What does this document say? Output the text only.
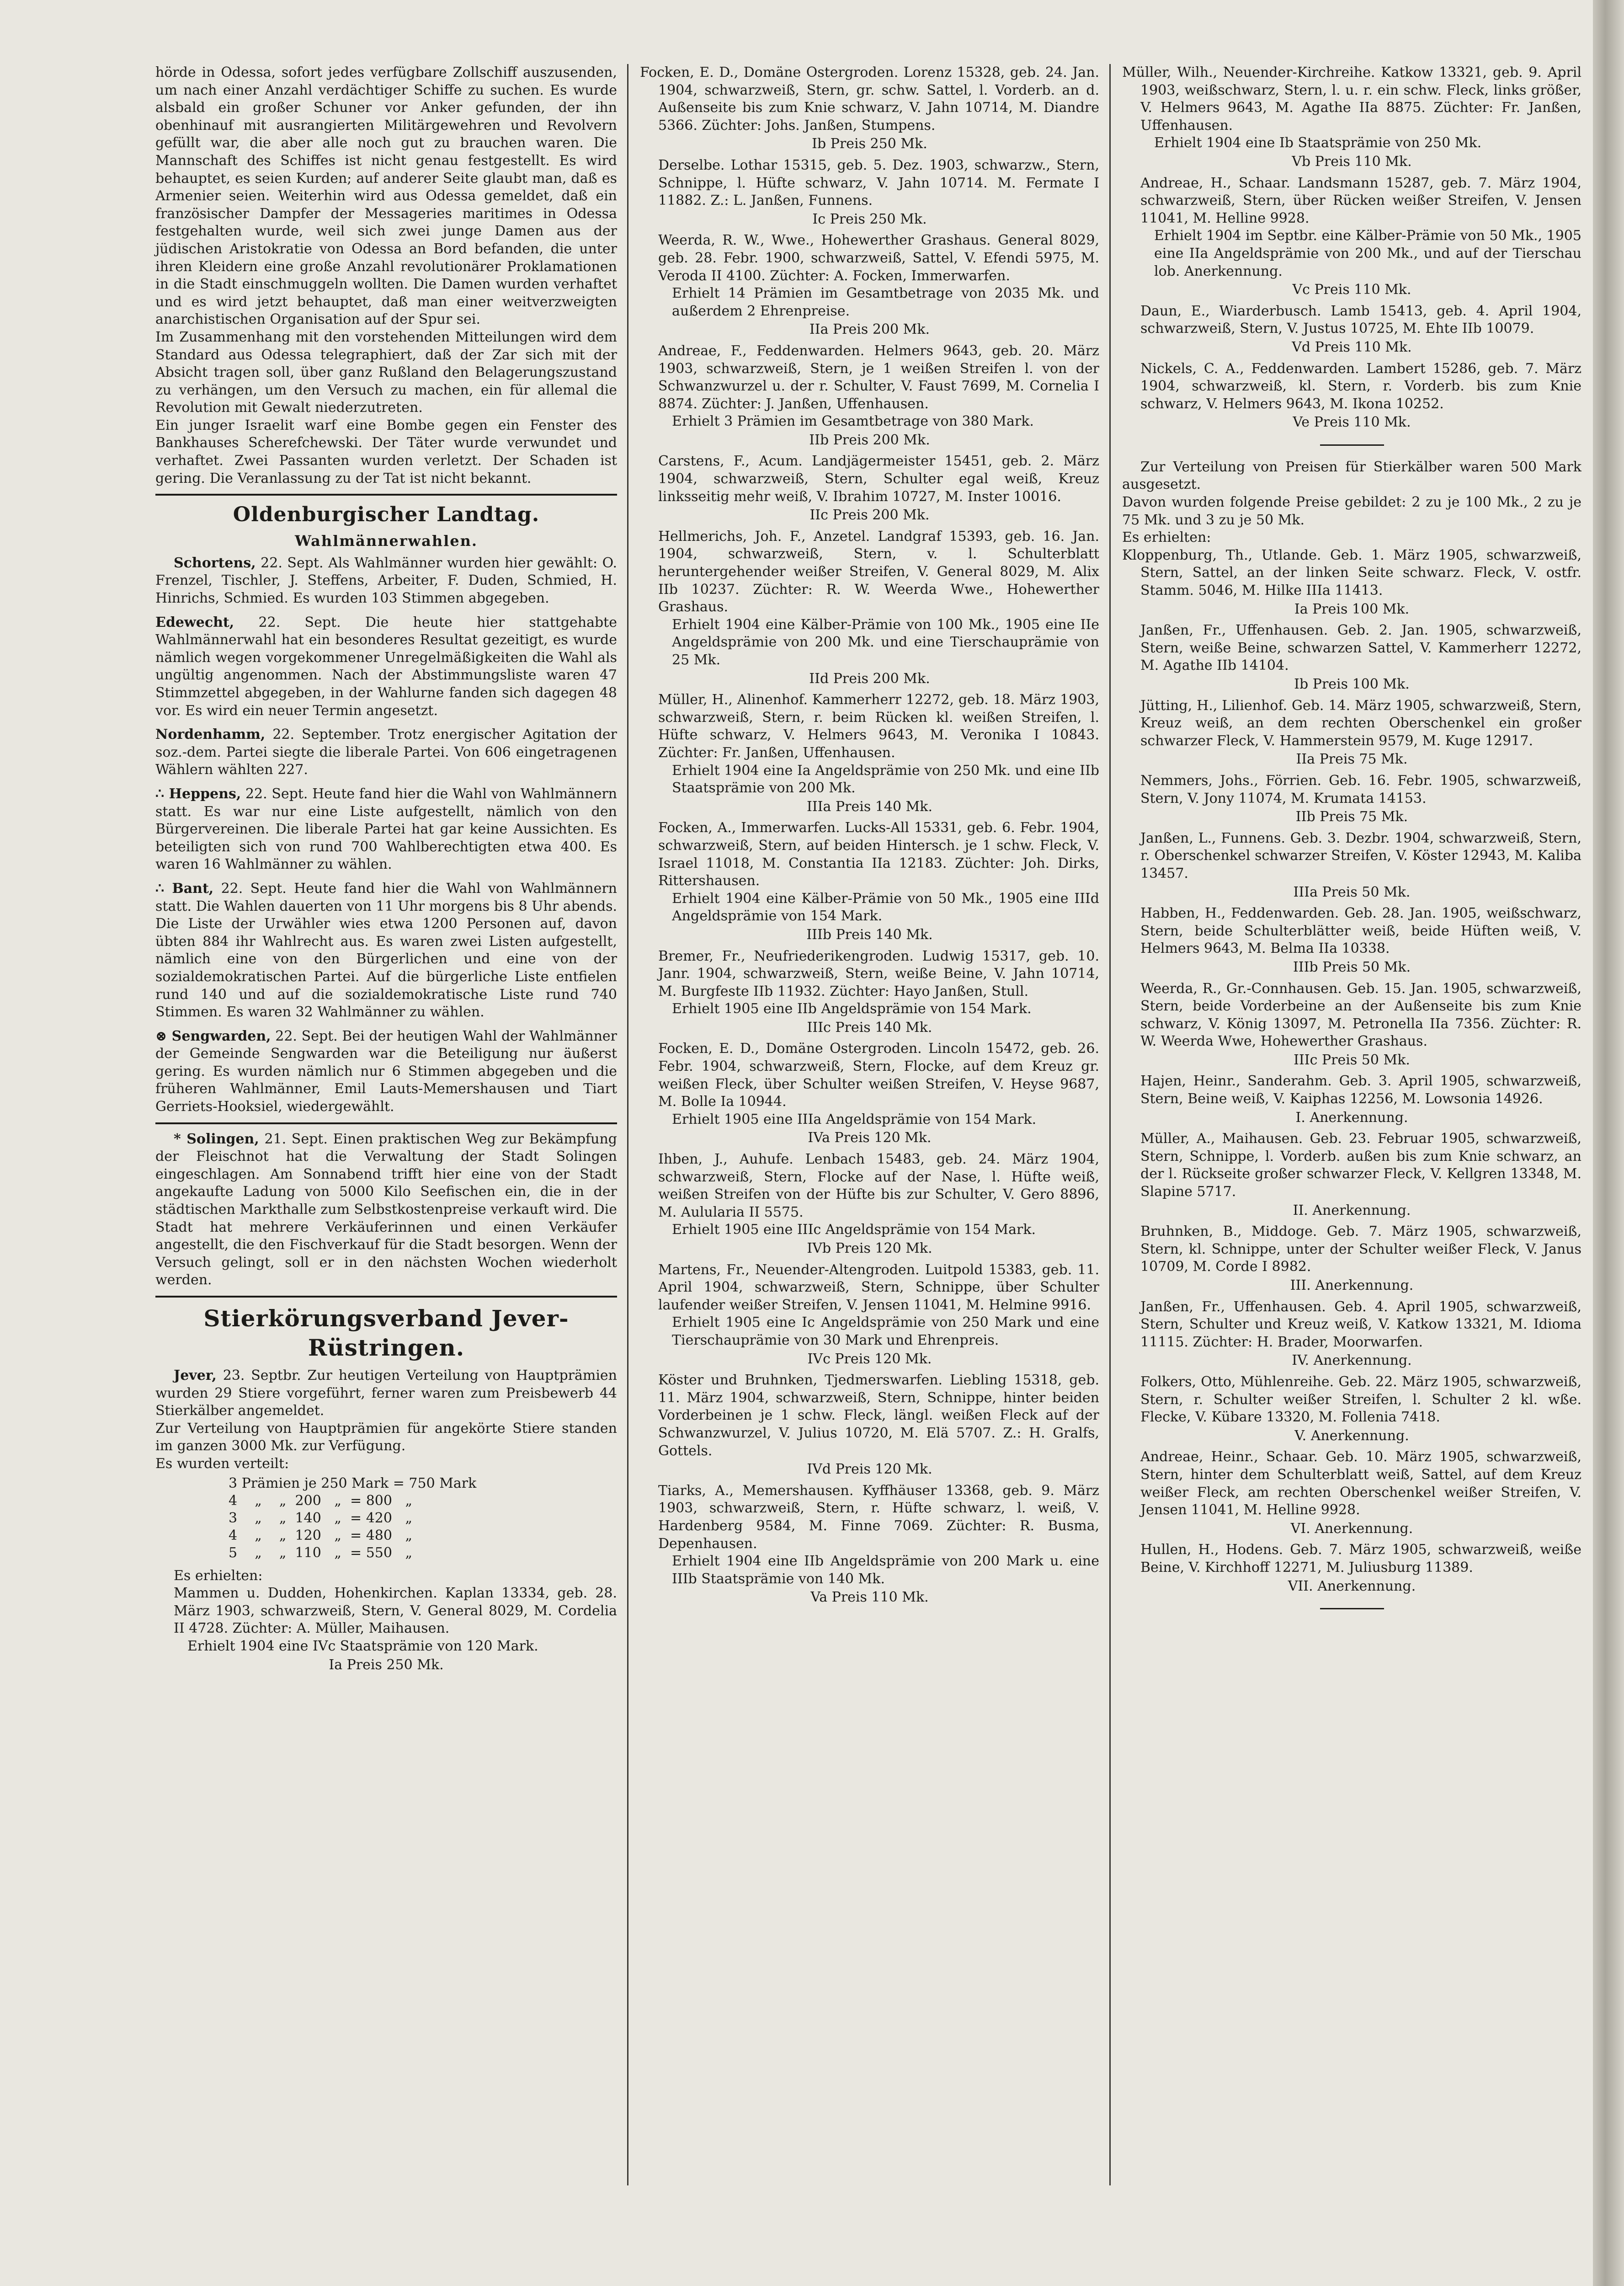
hörde in Odessa, sofort jedes verfügbare Zollschiff auszusenden, um nach einer Anzahl verdächtiger Schiffe zu suchen. Es wurde alsbald ein großer Schuner vor Anker gefunden, der ihn obenhinauf mit ausrangierten Militärgewehren und Revolvern gefüllt war, die aber alle noch gut zu brauchen waren. Die Mannschaft des Schiffes ist nicht genau festgestellt. Es wird behauptet, es seien Kurden; auf anderer Seite glaubt man, daß es Armenier seien. Weiterhin wird aus Odessa gemeldet, daß ein französischer Dampfer der Messageries maritimes in Odessa festgehalten wurde, weil sich zwei junge Damen aus der jüdischen Aristokratie von Odessa an Bord befanden, die unter ihren Kleidern eine große Anzahl revolutionärer Proklamationen in die Stadt einschmuggeln wollten. Die Damen wurden verhaftet und es wird jetzt behauptet, daß man einer weitverzweigten anarchistischen Organisation auf der Spur sei.

Im Zusammenhang mit den vorstehenden Mitteilungen wird dem Standard aus Odessa telegraphiert, daß der Zar sich mit der Absicht tragen soll, über ganz Rußland den Belagerungszustand zu verhängen, um den Versuch zu machen, ein für allemal die Revolution mit Gewalt niederzutreten.

Ein junger Israelit warf eine Bombe gegen ein Fenster des Bankhauses Scherefchewski. Der Täter wurde verwundet und verhaftet. Zwei Passanten wurden verletzt. Der Schaden ist gering. Die Veranlassung zu der Tat ist nicht bekannt.

Oldenburgischer Landtag.
Wahlmännerwahlen.

Schortens, 22. Sept. Als Wahlmänner wurden hier gewählt: O. Frenzel, Tischler, J. Steffens, Arbeiter, F. Duden, Schmied, H. Hinrichs, Schmied. Es wurden 103 Stimmen abgegeben.

Edewecht, 22. Sept. Die heute hier stattgehabte Wahlmännerwahl hat ein besonderes Resultat gezeitigt, es wurde nämlich wegen vorgekommener Unregelmäßigkeiten die Wahl als ungültig angenommen. Nach der Abstimmungsliste waren 47 Stimmzettel abgegeben, in der Wahlurne fanden sich dagegen 48 vor. Es wird ein neuer Termin angesetzt.

Nordenhamm, 22. September. Trotz energischer Agitation der soz.-dem. Partei siegte die liberale Partei. Von 606 eingetragenen Wählern wählten 227.

∴ Heppens, 22. Sept. Heute fand hier die Wahl von Wahlmännern statt. Es war nur eine Liste aufgestellt, nämlich von den Bürgervereinen. Die liberale Partei hat gar keine Aussichten. Es beteiligten sich von rund 700 Wahlberechtigten etwa 400. Es waren 16 Wahlmänner zu wählen.

∴ Bant, 22. Sept. Heute fand hier die Wahl von Wahlmännern statt. Die Wahlen dauerten von 11 Uhr morgens bis 8 Uhr abends. Die Liste der Urwähler wies etwa 1200 Personen auf, davon übten 884 ihr Wahlrecht aus. Es waren zwei Listen aufgestellt, nämlich eine von den Bürgerlichen und eine von der sozialdemokratischen Partei. Auf die bürgerliche Liste entfielen rund 140 und auf die sozialdemokratische Liste rund 740 Stimmen. Es waren 32 Wahlmänner zu wählen.

⊗ Sengwarden, 22. Sept. Bei der heutigen Wahl der Wahlmänner der Gemeinde Sengwarden war die Beteiligung nur äußerst gering. Es wurden nämlich nur 6 Stimmen abgegeben und die früheren Wahlmänner, Emil Lauts-Memershausen und Tiart Gerriets-Hooksiel, wiedergewählt.

* Solingen, 21. Sept. Einen praktischen Weg zur Bekämpfung der Fleischnot hat die Verwaltung der Stadt Solingen eingeschlagen. Am Sonnabend trifft hier eine von der Stadt angekaufte Ladung von 5000 Kilo Seefischen ein, die in der städtischen Markthalle zum Selbstkostenpreise verkauft wird. Die Stadt hat mehrere Verkäuferinnen und einen Verkäufer angestellt, die den Fischverkauf für die Stadt besorgen. Wenn der Versuch gelingt, soll er in den nächsten Wochen wiederholt werden.

Stierkörungsverband Jever-Rüstringen.

Jever, 23. Septbr. Zur heutigen Verteilung von Hauptprämien wurden 29 Stiere vorgeführt, ferner waren zum Preisbewerb 44 Stierkälber angemeldet.

Zur Verteilung von Hauptprämien für angekörte Stiere standen im ganzen 3000 Mk. zur Verfügung.

Es wurden verteilt:

3 Prämien je 250 Mark = 750 Mark
4    „    „  200   „  = 800   „
3    „    „  140   „  = 420   „
4    „    „  120   „  = 480   „
5    „    „  110   „  = 550   „

Es erhielten:

Mammen u. Dudden, Hohenkirchen. Kaplan 13334, geb. 28. März 1903, schwarzweiß, Stern, V. General 8029, M. Cordelia II 4728. Züchter: A. Müller, Maihausen.

Erhielt 1904 eine IVc Staatsprämie von 120 Mark.

Ia Preis 250 Mk.

Focken, E. D., Domäne Ostergroden. Lorenz 15328, geb. 24. Jan. 1904, schwarzweiß, Stern, gr. schw. Sattel, l. Vorderb. an d. Außenseite bis zum Knie schwarz, V. Jahn 10714, M. Diandre 5366. Züchter: Johs. Janßen, Stumpens.

Ib Preis 250 Mk.

Derselbe. Lothar 15315, geb. 5. Dez. 1903, schwarzw., Stern, Schnippe, l. Hüfte schwarz, V. Jahn 10714. M. Fermate I 11882. Z.: L. Janßen, Funnens.

Ic Preis 250 Mk.

Weerda, R. W., Wwe., Hohewerther Grashaus. General 8029, geb. 28. Febr. 1900, schwarzweiß, Sattel, V. Efendi 5975, M. Veroda II 4100. Züchter: A. Focken, Immerwarfen.

Erhielt 14 Prämien im Gesamtbetrage von 2035 Mk. und außerdem 2 Ehrenpreise.

IIa Preis 200 Mk.

Andreae, F., Feddenwarden. Helmers 9643, geb. 20. März 1903, schwarzweiß, Stern, je 1 weißen Streifen l. von der Schwanzwurzel u. der r. Schulter, V. Faust 7699, M. Cornelia I 8874. Züchter: J. Janßen, Uffenhausen.

Erhielt 3 Prämien im Gesamtbetrage von 380 Mark.

IIb Preis 200 Mk.

Carstens, F., Acum. Landjägermeister 15451, geb. 2. März 1904, schwarzweiß, Stern, Schulter egal weiß, Kreuz linksseitig mehr weiß, V. Ibrahim 10727, M. Inster 10016.

IIc Preis 200 Mk.

Hellmerichs, Joh. F., Anzetel. Landgraf 15393, geb. 16. Jan. 1904, schwarzweiß, Stern, v. l. Schulterblatt heruntergehender weißer Streifen, V. General 8029, M. Alix IIb 10237. Züchter: R. W. Weerda Wwe., Hohewerther Grashaus.

Erhielt 1904 eine Kälber-Prämie von 100 Mk., 1905 eine IIe Angeldsprämie von 200 Mk. und eine Tierschauprämie von 25 Mk.

IId Preis 200 Mk.

Müller, H., Alinenhof. Kammerherr 12272, geb. 18. März 1903, schwarzweiß, Stern, r. beim Rücken kl. weißen Streifen, l. Hüfte schwarz, V. Helmers 9643, M. Veronika I 10843. Züchter: Fr. Janßen, Uffenhausen.

Erhielt 1904 eine Ia Angeldsprämie von 250 Mk. und eine IIb Staatsprämie von 200 Mk.

IIIa Preis 140 Mk.

Focken, A., Immerwarfen. Lucks-All 15331, geb. 6. Febr. 1904, schwarzweiß, Stern, auf beiden Hintersch. je 1 schw. Fleck, V. Israel 11018, M. Constantia IIa 12183. Züchter: Joh. Dirks, Rittershausen.

Erhielt 1904 eine Kälber-Prämie von 50 Mk., 1905 eine IIId Angeldsprämie von 154 Mark.

IIIb Preis 140 Mk.

Bremer, Fr., Neufriederikengroden. Ludwig 15317, geb. 10. Janr. 1904, schwarzweiß, Stern, weiße Beine, V. Jahn 10714, M. Burgfeste IIb 11932. Züchter: Hayo Janßen, Stull.

Erhielt 1905 eine IIb Angeldsprämie von 154 Mark.

IIIc Preis 140 Mk.

Focken, E. D., Domäne Ostergroden. Lincoln 15472, geb. 26. Febr. 1904, schwarzweiß, Stern, Flocke, auf dem Kreuz gr. weißen Fleck, über Schulter weißen Streifen, V. Heyse 9687, M. Bolle Ia 10944.

Erhielt 1905 eine IIIa Angeldsprämie von 154 Mark.

IVa Preis 120 Mk.

Ihben, J., Auhufe. Lenbach 15483, geb. 24. März 1904, schwarzweiß, Stern, Flocke auf der Nase, l. Hüfte weiß, weißen Streifen von der Hüfte bis zur Schulter, V. Gero 8896, M. Aulularia II 5575.

Erhielt 1905 eine IIIc Angeldsprämie von 154 Mark.

IVb Preis 120 Mk.

Martens, Fr., Neuender-Altengroden. Luitpold 15383, geb. 11. April 1904, schwarzweiß, Stern, Schnippe, über Schulter laufender weißer Streifen, V. Jensen 11041, M. Helmine 9916.

Erhielt 1905 eine Ic Angeldsprämie von 250 Mark und eine Tierschauprämie von 30 Mark und Ehrenpreis.

IVc Preis 120 Mk.

Köster und Bruhnken, Tjedmerswarfen. Liebling 15318, geb. 11. März 1904, schwarzweiß, Stern, Schnippe, hinter beiden Vorderbeinen je 1 schw. Fleck, längl. weißen Fleck auf der Schwanzwurzel, V. Julius 10720, M. Elä 5707. Z.: H. Gralfs, Gottels.

IVd Preis 120 Mk.

Tiarks, A., Memershausen. Kyffhäuser 13368, geb. 9. März 1903, schwarzweiß, Stern, r. Hüfte schwarz, l. weiß, V. Hardenberg 9584, M. Finne 7069. Züchter: R. Busma, Depenhausen.

Erhielt 1904 eine IIb Angeldsprämie von 200 Mark u. eine IIIb Staatsprämie von 140 Mk.

Va Preis 110 Mk.

Müller, Wilh., Neuender-Kirchreihe. Katkow 13321, geb. 9. April 1903, weißschwarz, Stern, l. u. r. ein schw. Fleck, links größer, V. Helmers 9643, M. Agathe IIa 8875. Züchter: Fr. Janßen, Uffenhausen.

Erhielt 1904 eine Ib Staatsprämie von 250 Mk.

Vb Preis 110 Mk.

Andreae, H., Schaar. Landsmann 15287, geb. 7. März 1904, schwarzweiß, Stern, über Rücken weißer Streifen, V. Jensen 11041, M. Helline 9928.

Erhielt 1904 im Septbr. eine Kälber-Prämie von 50 Mk., 1905 eine IIa Angeldsprämie von 200 Mk., und auf der Tierschau lob. Anerkennung.

Vc Preis 110 Mk.

Daun, E., Wiarderbusch. Lamb 15413, geb. 4. April 1904, schwarzweiß, Stern, V. Justus 10725, M. Ehte IIb 10079.

Vd Preis 110 Mk.

Nickels, C. A., Feddenwarden. Lambert 15286, geb. 7. März 1904, schwarzweiß, kl. Stern, r. Vorderb. bis zum Knie schwarz, V. Helmers 9643, M. Ikona 10252.

Ve Preis 110 Mk.

Zur Verteilung von Preisen für Stierkälber waren 500 Mark ausgesetzt.

Davon wurden folgende Preise gebildet: 2 zu je 100 Mk., 2 zu je 75 Mk. und 3 zu je 50 Mk.

Es erhielten:

Kloppenburg, Th., Utlande. Geb. 1. März 1905, schwarzweiß, Stern, Sattel, an der linken Seite schwarz. Fleck, V. ostfr. Stamm. 5046, M. Hilke IIIa 11413.

Ia Preis 100 Mk.

Janßen, Fr., Uffenhausen. Geb. 2. Jan. 1905, schwarzweiß, Stern, weiße Beine, schwarzen Sattel, V. Kammerherr 12272, M. Agathe IIb 14104.

Ib Preis 100 Mk.

Jütting, H., Lilienhof. Geb. 14. März 1905, schwarzweiß, Stern, Kreuz weiß, an dem rechten Oberschenkel ein großer schwarzer Fleck, V. Hammerstein 9579, M. Kuge 12917.

IIa Preis 75 Mk.

Nemmers, Johs., Förrien. Geb. 16. Febr. 1905, schwarzweiß, Stern, V. Jony 11074, M. Krumata 14153.

IIb Preis 75 Mk.

Janßen, L., Funnens. Geb. 3. Dezbr. 1904, schwarzweiß, Stern, r. Oberschenkel schwarzer Streifen, V. Köster 12943, M. Kaliba 13457.

IIIa Preis 50 Mk.

Habben, H., Feddenwarden. Geb. 28. Jan. 1905, weißschwarz, Stern, beide Schulterblätter weiß, beide Hüften weiß, V. Helmers 9643, M. Belma IIa 10338.

IIIb Preis 50 Mk.

Weerda, R., Gr.-Connhausen. Geb. 15. Jan. 1905, schwarzweiß, Stern, beide Vorderbeine an der Außenseite bis zum Knie schwarz, V. König 13097, M. Petronella IIa 7356. Züchter: R. W. Weerda Wwe, Hohewerther Grashaus.

IIIc Preis 50 Mk.

Hajen, Heinr., Sanderahm. Geb. 3. April 1905, schwarzweiß, Stern, Beine weiß, V. Kaiphas 12256, M. Lowsonia 14926.

I. Anerkennung.

Müller, A., Maihausen. Geb. 23. Februar 1905, schwarzweiß, Stern, Schnippe, l. Vorderb. außen bis zum Knie schwarz, an der l. Rückseite großer schwarzer Fleck, V. Kellgren 13348, M. Slapine 5717.

II. Anerkennung.

Bruhnken, B., Middoge. Geb. 7. März 1905, schwarzweiß, Stern, kl. Schnippe, unter der Schulter weißer Fleck, V. Janus 10709, M. Corde I 8982.

III. Anerkennung.

Janßen, Fr., Uffenhausen. Geb. 4. April 1905, schwarzweiß, Stern, Schulter und Kreuz weiß, V. Katkow 13321, M. Idioma 11115. Züchter: H. Brader, Moorwarfen.

IV. Anerkennung.

Folkers, Otto, Mühlenreihe. Geb. 22. März 1905, schwarzweiß, Stern, r. Schulter weißer Streifen, l. Schulter 2 kl. wße. Flecke, V. Kübare 13320, M. Follenia 7418.

V. Anerkennung.

Andreae, Heinr., Schaar. Geb. 10. März 1905, schwarzweiß, Stern, hinter dem Schulterblatt weiß, Sattel, auf dem Kreuz weißer Fleck, am rechten Oberschenkel weißer Streifen, V. Jensen 11041, M. Helline 9928.

VI. Anerkennung.

Hullen, H., Hodens. Geb. 7. März 1905, schwarzweiß, weiße Beine, V. Kirchhoff 12271, M. Juliusburg 11389.

VII. Anerkennung.
